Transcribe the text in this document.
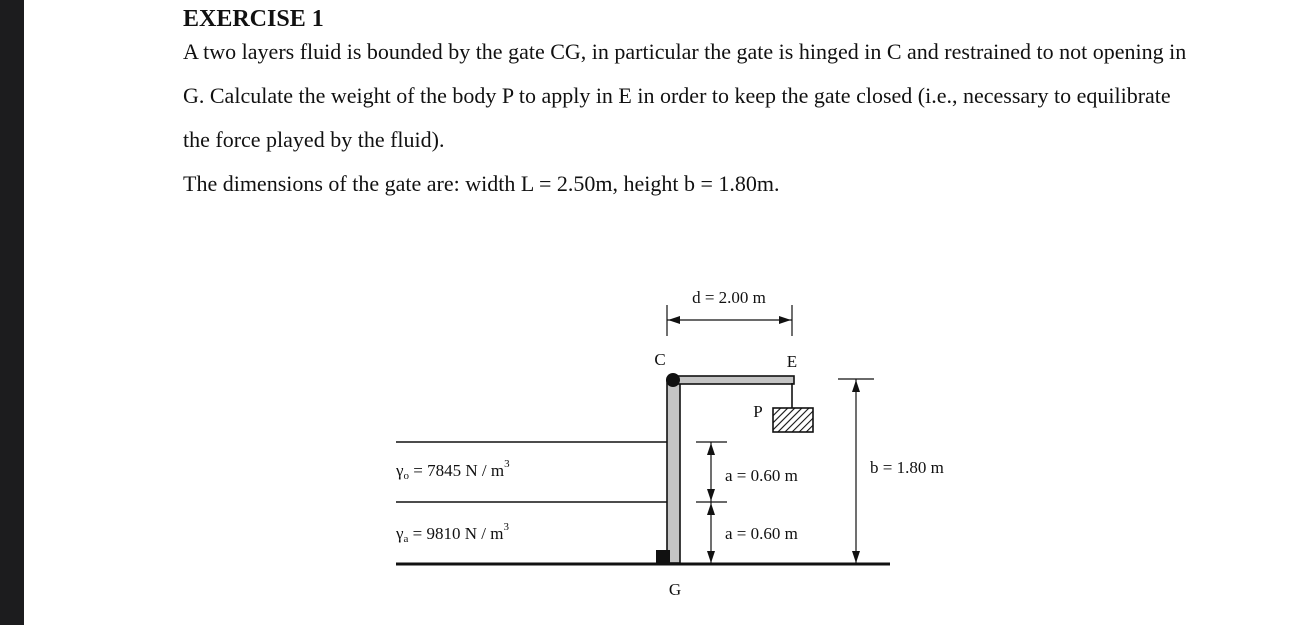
EXERCISE 1

A two layers fluid is bounded by the gate CG, in particular the gate is hinged in C and restrained to not opening in G. Calculate the weight of the body P to apply in E in order to keep the gate closed (i.e., necessary to equilibrate the force played by the fluid).

The dimensions of the gate are: width L = 2.50m, height b = 1.80m.

d = 2.00 m
C	E
P
G
b = 1.80 m
a = 0.60 m
a = 0.60 m
γo = 7845 N / $m^3$
γa = 9810 N / $m^3$
